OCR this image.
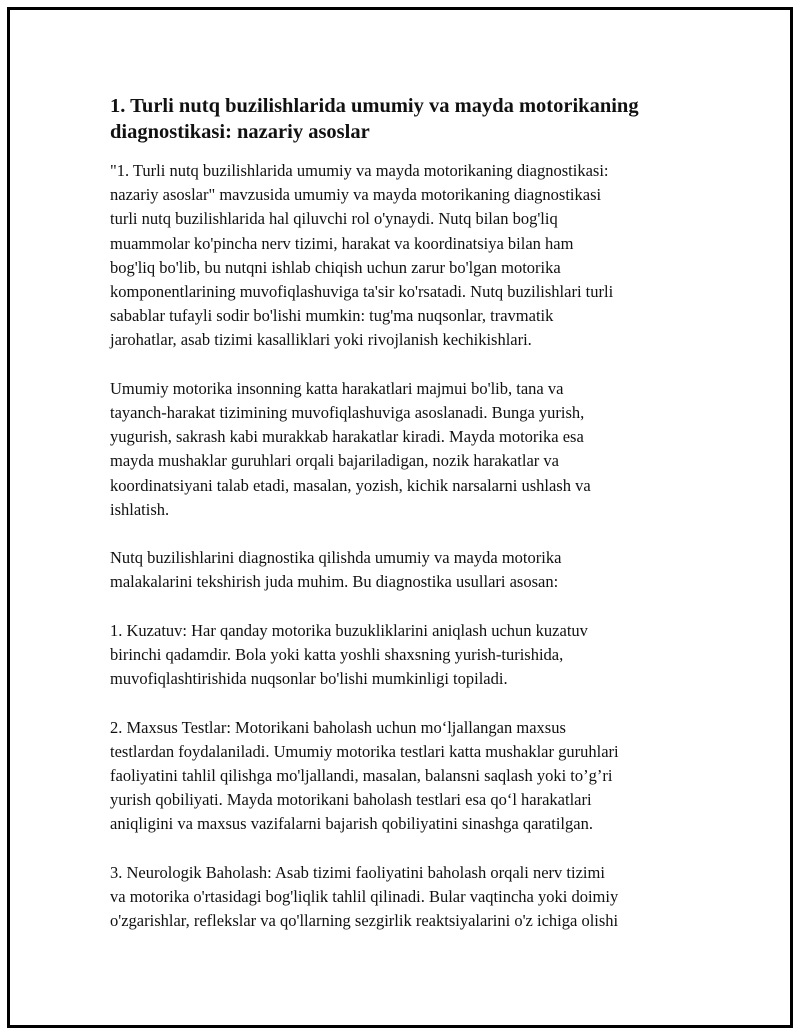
1. Turli nutq buzilishlarida umumiy va mayda motorikaning
diagnostikasi: nazariy asoslar

"1. Turli nutq buzilishlarida umumiy va mayda motorikaning diagnostikasi:
nazariy asoslar" mavzusida umumiy va mayda motorikaning diagnostikasi
turli nutq buzilishlarida hal qiluvchi rol o'ynaydi. Nutq bilan bog'liq
muammolar ko'pincha nerv tizimi, harakat va koordinatsiya bilan ham
bog'liq bo'lib, bu nutqni ishlab chiqish uchun zarur bo'lgan motorika
komponentlarining muvofiqlashuviga ta'sir ko'rsatadi. Nutq buzilishlari turli
sabablar tufayli sodir bo'lishi mumkin: tug'ma nuqsonlar, travmatik
jarohatlar, asab tizimi kasalliklari yoki rivojlanish kechikishlari.

Umumiy motorika insonning katta harakatlari majmui bo'lib, tana va
tayanch-harakat tizimining muvofiqlashuviga asoslanadi. Bunga yurish,
yugurish, sakrash kabi murakkab harakatlar kiradi. Mayda motorika esa
mayda mushaklar guruhlari orqali bajariladigan, nozik harakatlar va
koordinatsiyani talab etadi, masalan, yozish, kichik narsalarni ushlash va
ishlatish.

Nutq buzilishlarini diagnostika qilishda umumiy va mayda motorika
malakalarini tekshirish juda muhim. Bu diagnostika usullari asosan:

1. Kuzatuv: Har qanday motorika buzukliklarini aniqlash uchun kuzatuv
birinchi qadamdir. Bola yoki katta yoshli shaxsning yurish-turishida,
muvofiqlashtirishida nuqsonlar bo'lishi mumkinligi topiladi.

2. Maxsus Testlar: Motorikani baholash uchun mo‘ljallangan maxsus
testlardan foydalaniladi. Umumiy motorika testlari katta mushaklar guruhlari
faoliyatini tahlil qilishga mo'ljallandi, masalan, balansni saqlash yoki to’g’ri
yurish qobiliyati. Mayda motorikani baholash testlari esa qo‘l harakatlari
aniqligini va maxsus vazifalarni bajarish qobiliyatini sinashga qaratilgan.

3. Neurologik Baholash: Asab tizimi faoliyatini baholash orqali nerv tizimi
va motorika o'rtasidagi bog'liqlik tahlil qilinadi. Bular vaqtincha yoki doimiy
o'zgarishlar, reflekslar va qo'llarning sezgirlik reaktsiyalarini o'z ichiga olishi
